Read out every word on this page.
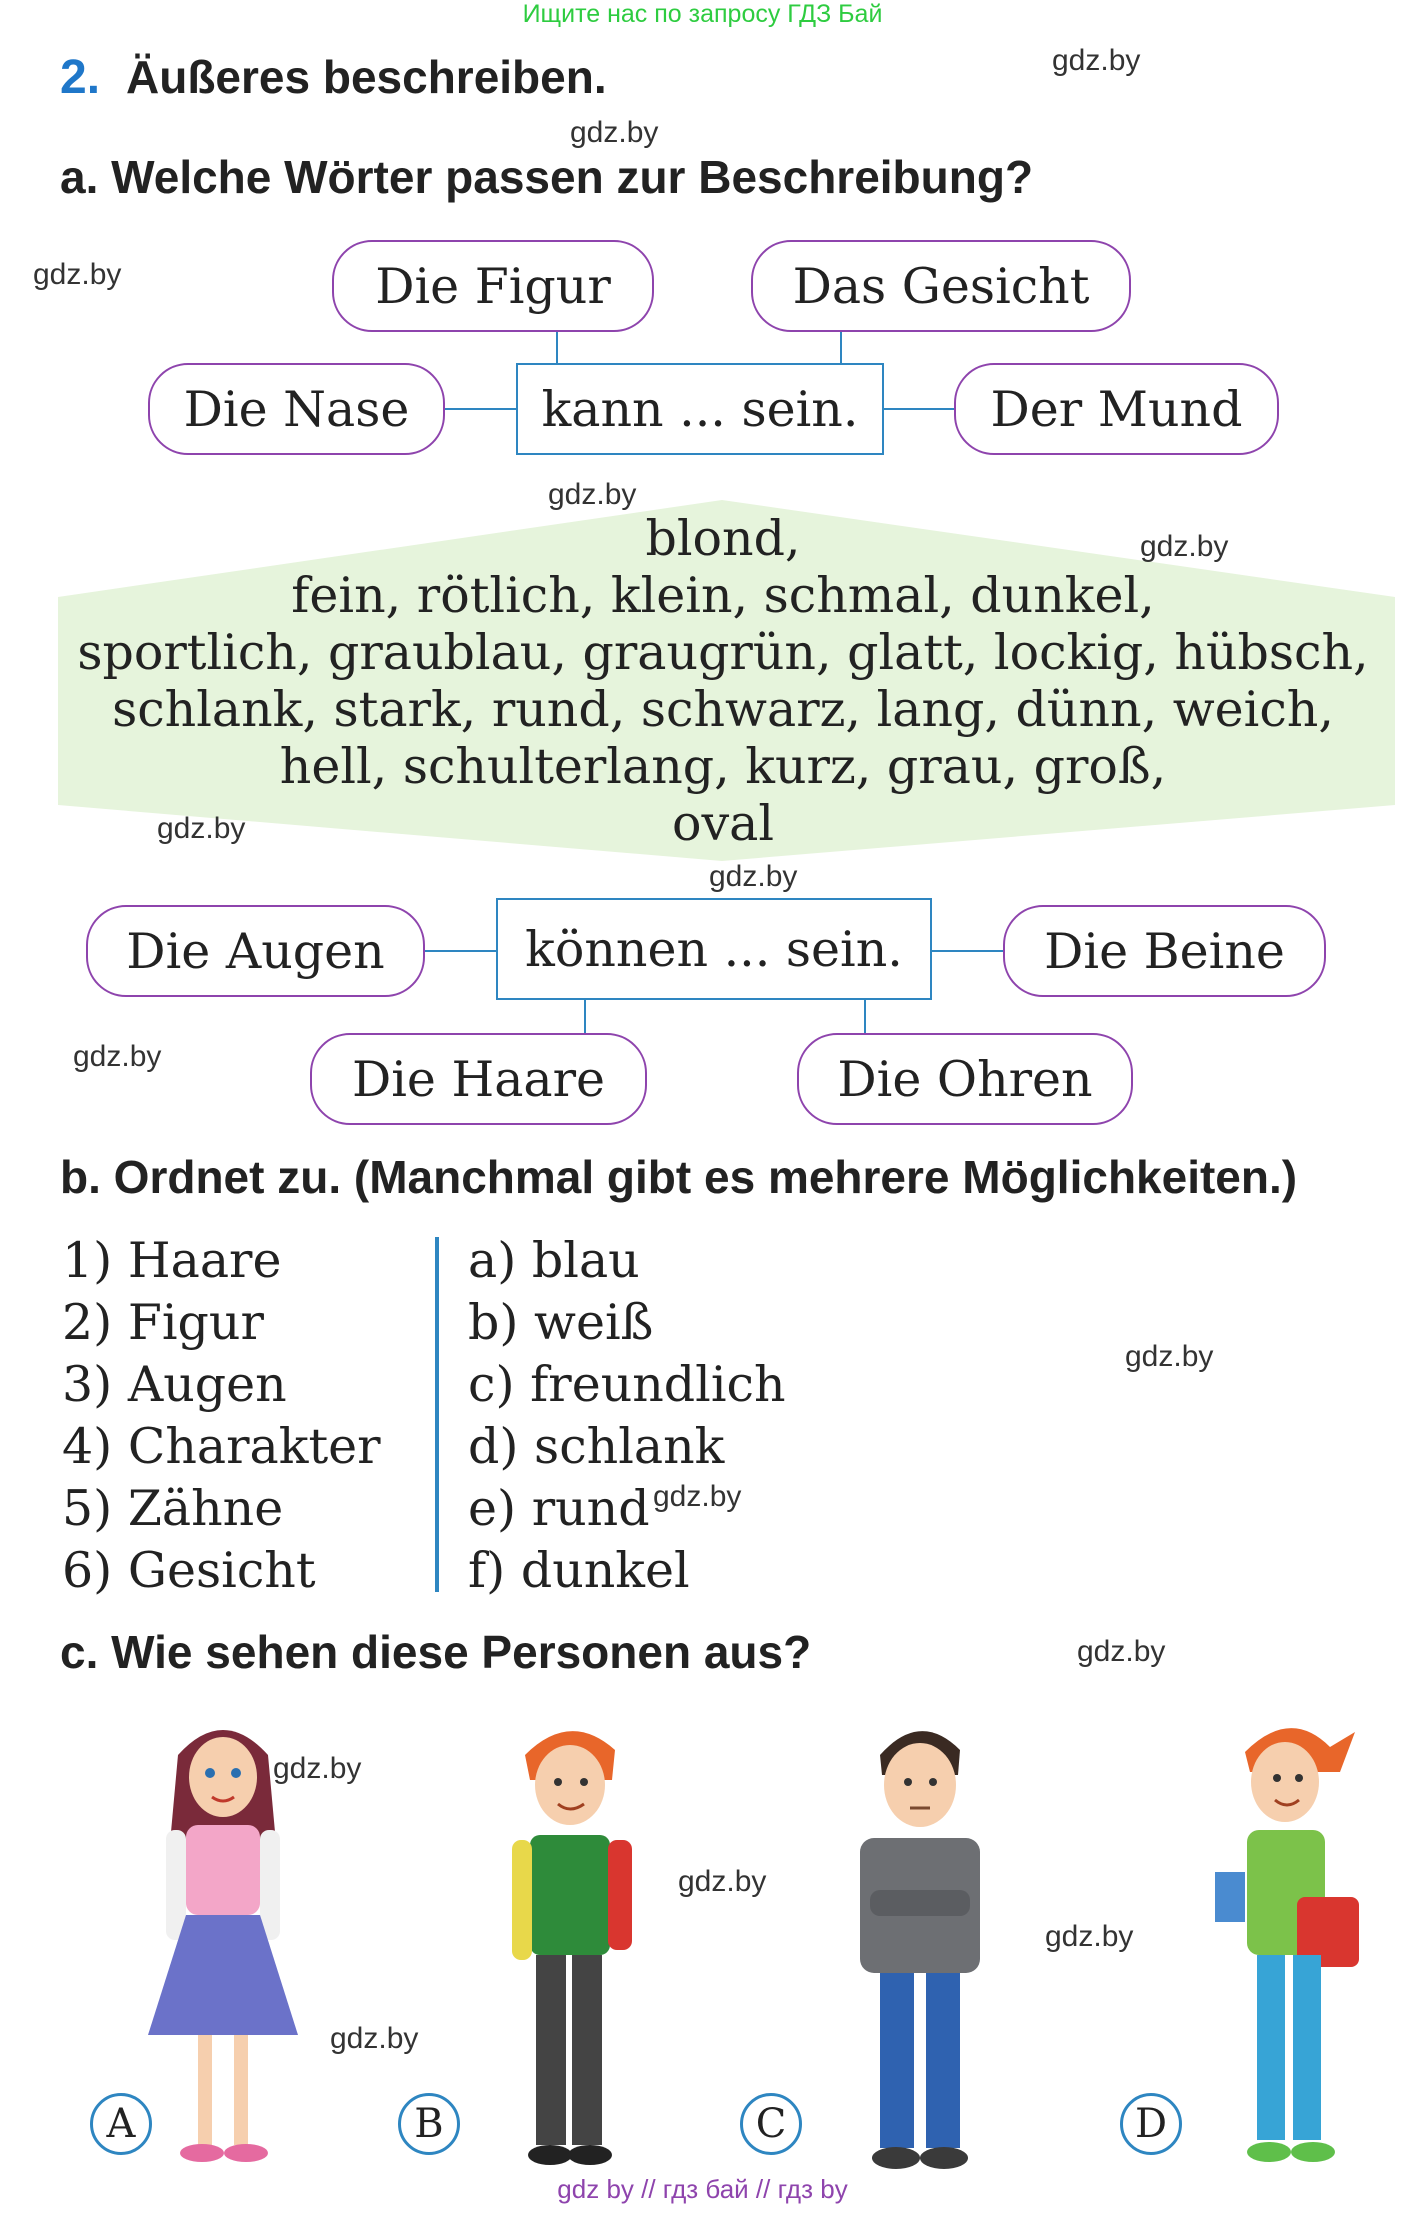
Ищите нас по запросу ГДЗ Бай
2. Äußeres beschreiben.
a. Welche Wörter passen zur Beschreibung?
Die Figur	Das Gesicht
Die Nase	Der Mund
kann ... sein.
blond,
fein, rötlich, klein, schmal, dunkel,
sportlich, graublau, graugrün, glatt, lockig, hübsch,
schlank, stark, rund, schwarz, lang, dünn, weich,
hell, schulterlang, kurz, grau, groß,
oval
Die Augen	Die Beine
Die Haare	Die Ohren
können ... sein.
b. Ordnet zu. (Manchmal gibt es mehrere Möglichkeiten.)
1) Haare
2) Figur
3) Augen
4) Charakter
5) Zähne
6) Gesicht
a) blau
b) weiß
c) freundlich
d) schlank
e) rund
f) dunkel
c. Wie sehen diese Personen aus?
A	B	C	D
gdz.by
gdz.by
gdz.by
gdz.by
gdz.by
gdz.by
gdz.by
gdz.by
gdz.by
gdz.by
gdz.by
gdz.by
gdz.by
gdz.by
gdz.by
gdz by // гдз бай // гдз by
